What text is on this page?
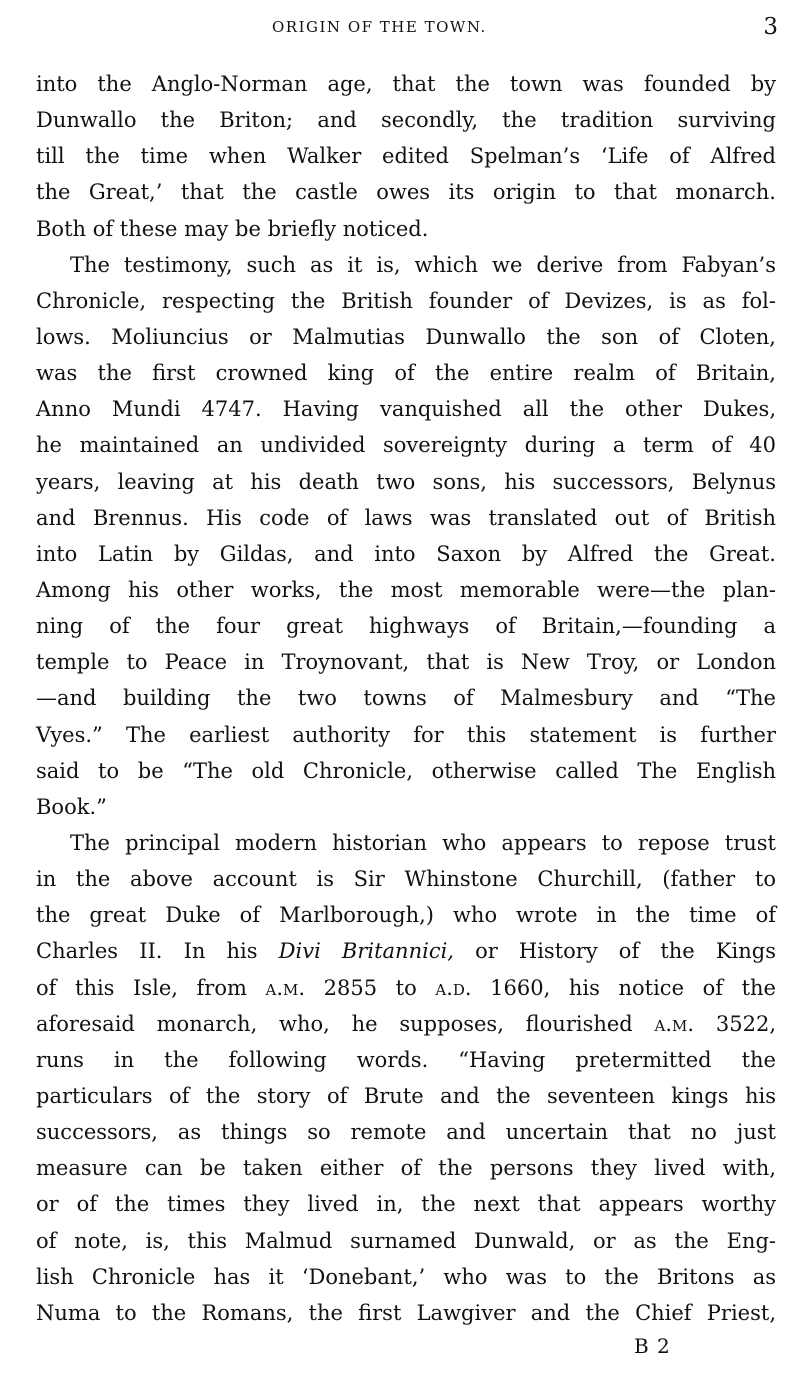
ORIGIN OF THE TOWN.	3
into the Anglo-Norman age, that the town was founded by
Dunwallo the Briton; and secondly, the tradition surviving
till the time when Walker edited Spelman’s ‘Life of Alfred
the Great,’ that the castle owes its origin to that monarch.
Both of these may be briefly noticed.
The testimony, such as it is, which we derive from Fabyan’s
Chronicle, respecting the British founder of Devizes, is as fol-
lows. Moliuncius or Malmutias Dunwallo the son of Cloten,
was the first crowned king of the entire realm of Britain,
Anno Mundi 4747. Having vanquished all the other Dukes,
he maintained an undivided sovereignty during a term of 40
years, leaving at his death two sons, his successors, Belynus
and Brennus. His code of laws was translated out of British
into Latin by Gildas, and into Saxon by Alfred the Great.
Among his other works, the most memorable were—the plan-
ning of the four great highways of Britain,—founding a
temple to Peace in Troynovant, that is New Troy, or London
—and building the two towns of Malmesbury and “The
Vyes.” The earliest authority for this statement is further
said to be “The old Chronicle, otherwise called The English
Book.”
The principal modern historian who appears to repose trust
in the above account is Sir Whinstone Churchill, (father to
the great Duke of Marlborough,) who wrote in the time of
Charles II. In his Divi Britannici, or History of the Kings
of this Isle, from a.m. 2855 to a.d. 1660, his notice of the
aforesaid monarch, who, he supposes, flourished a.m. 3522,
runs in the following words. “Having pretermitted the
particulars of the story of Brute and the seventeen kings his
successors, as things so remote and uncertain that no just
measure can be taken either of the persons they lived with,
or of the times they lived in, the next that appears worthy
of note, is, this Malmud surnamed Dunwald, or as the Eng-
lish Chronicle has it ‘Donebant,’ who was to the Britons as
Numa to the Romans, the first Lawgiver and the Chief Priest,
B 2
